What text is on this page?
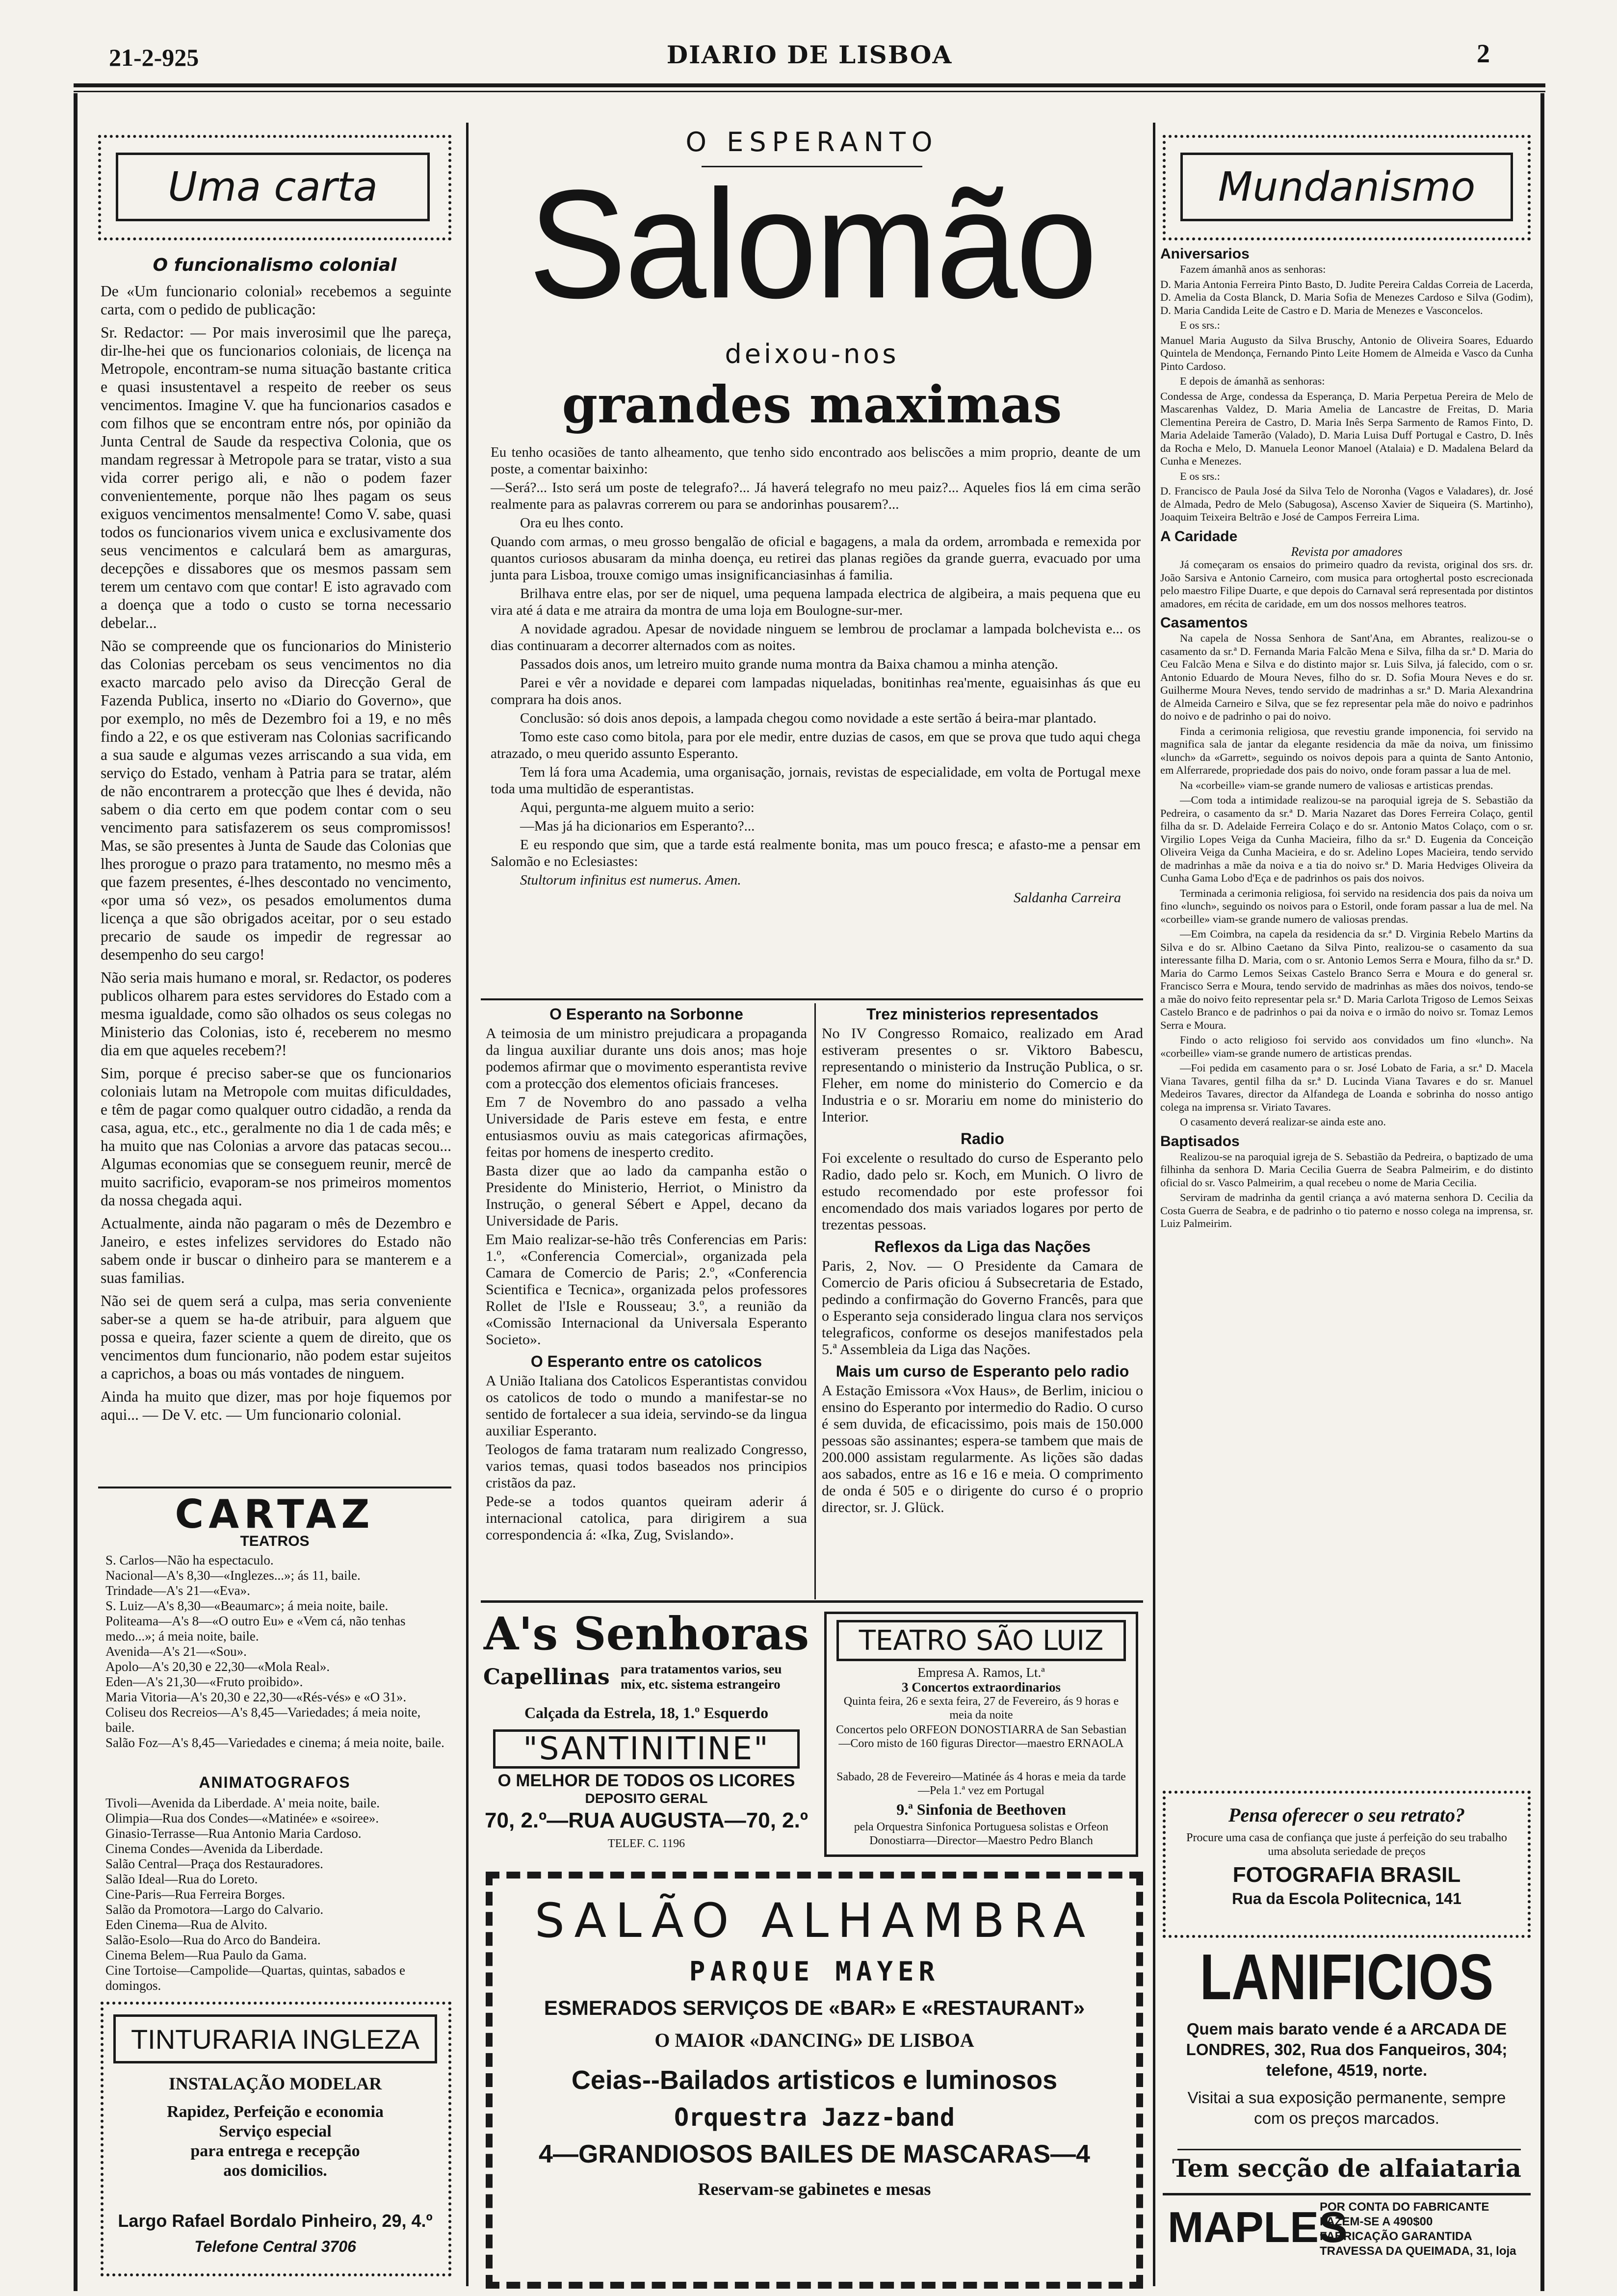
21-2-925	DIARIO DE LISBOA	2
Uma carta
O funcionalismo colonial

De «Um funcionario colonial» recebemos a seguinte carta, com o pedido de publicação:

Sr. Redactor: — Por mais inverosimil que lhe pareça, dir-lhe-hei que os funcionarios coloniais, de licença na Metropole, encontram-se numa situação bastante critica e quasi insustentavel a respeito de reeber os seus vencimentos. Imagine V. que ha funcionarios casados e com filhos que se encontram entre nós, por opinião da Junta Central de Saude da respectiva Colonia, que os mandam regressar à Metropole para se tratar, visto a sua vida correr perigo ali, e não o podem fazer convenientemente, porque não lhes pagam os seus exiguos vencimentos mensalmente! Como V. sabe, quasi todos os funcionarios vivem unica e exclusivamente dos seus vencimentos e calculará bem as amarguras, decepções e dissabores que os mesmos passam sem terem um centavo com que contar! E isto agravado com a doença que a todo o custo se torna necessario debelar...

Não se compreende que os funcionarios do Ministerio das Colonias percebam os seus vencimentos no dia exacto marcado pelo aviso da Direcção Geral de Fazenda Publica, inserto no «Diario do Governo», que por exemplo, no mês de Dezembro foi a 19, e no mês findo a 22, e os que estiveram nas Colonias sacrificando a sua saude e algumas vezes arriscando a sua vida, em serviço do Estado, venham à Patria para se tratar, além de não encontrarem a protecção que lhes é devida, não sabem o dia certo em que podem contar com o seu vencimento para satisfazerem os seus compromissos! Mas, se são presentes à Junta de Saude das Colonias que lhes prorogue o prazo para tratamento, no mesmo mês a que fazem presentes, é-lhes descontado no vencimento, «por uma só vez», os pesados emolumentos duma licença a que são obrigados aceitar, por o seu estado precario de saude os impedir de regressar ao desempenho do seu cargo!

Não seria mais humano e moral, sr. Redactor, os poderes publicos olharem para estes servidores do Estado com a mesma igualdade, como são olhados os seus colegas no Ministerio das Colonias, isto é, receberem no mesmo dia em que aqueles recebem?!

Sim, porque é preciso saber-se que os funcionarios coloniais lutam na Metropole com muitas dificuldades, e têm de pagar como qualquer outro cidadão, a renda da casa, agua, etc., etc., geralmente no dia 1 de cada mês; e ha muito que nas Colonias a arvore das patacas secou... Algumas economias que se conseguem reunir, mercê de muito sacrificio, evaporam-se nos primeiros momentos da nossa chegada aqui.

Actualmente, ainda não pagaram o mês de Dezembro e Janeiro, e estes infelizes servidores do Estado não sabem onde ir buscar o dinheiro para se manterem e a suas familias.

Não sei de quem será a culpa, mas seria conveniente saber-se a quem se ha-de atribuir, para alguem que possa e queira, fazer sciente a quem de direito, que os vencimentos dum funcionario, não podem estar sujeitos a caprichos, a boas ou más vontades de ninguem.

Ainda ha muito que dizer, mas por hoje fiquemos por aqui... — De V. etc. — Um funcionario colonial.

CARTAZ
TEATROS
S. Carlos—Não ha espectaculo.
Nacional—A's 8,30—«Inglezes...»; ás 11, baile.
Trindade—A's 21—«Eva».
S. Luiz—A's 8,30—«Beaumarc»; á meia noite, baile.
Politeama—A's 8—«O outro Eu» e «Vem cá, não tenhas medo...»; á meia noite, baile.
Avenida—A's 21—«Sou».
Apolo—A's 20,30 e 22,30—«Mola Real».
Eden—A's 21,30—«Fruto proibido».
Maria Vitoria—A's 20,30 e 22,30—«Rés-vés» e «O 31».
Coliseu dos Recreios—A's 8,45—Variedades; á meia noite, baile.
Salão Foz—A's 8,45—Variedades e cinema; á meia noite, baile.
ANIMATOGRAFOS
Tivoli—Avenida da Liberdade. A' meia noite, baile.
Olimpia—Rua dos Condes—«Matinée» e «soiree».
Ginasio-Terrasse—Rua Antonio Maria Cardoso.
Cinema Condes—Avenida da Liberdade.
Salão Central—Praça dos Restauradores.
Salão Ideal—Rua do Loreto.
Cine-Paris—Rua Ferreira Borges.
Salão da Promotora—Largo do Calvario.
Eden Cinema—Rua de Alvito.
Salão-Esolo—Rua do Arco do Bandeira.
Cinema Belem—Rua Paulo da Gama.
Cine Tortoise—Campolide—Quartas, quintas, sabados e domingos.
TINTURARIA INGLEZA
INSTALAÇÃO MODELAR
Rapidez, Perfeição e economia
Serviço especial
para entrega e recepção
aos domicilios.
Largo Rafael Bordalo Pinheiro, 29, 4.º
Telefone Central 3706
O ESPERANTO
Salomão
deixou-nos
grandes maximas

Eu tenho ocasiões de tanto alheamento, que tenho sido encontrado aos beliscões a mim proprio, deante de um poste, a comentar baixinho:

—Será?... Isto será um poste de telegrafo?... Já haverá telegrafo no meu paiz?... Aqueles fios lá em cima serão realmente para as palavras correrem ou para se andorinhas pousarem?...

Ora eu lhes conto.

Quando com armas, o meu grosso bengalão de oficial e bagagens, a mala da ordem, arrombada e remexida por quantos curiosos abusaram da minha doença, eu retirei das planas regiões da grande guerra, evacuado por uma junta para Lisboa, trouxe comigo umas insignificanciasinhas á familia.

Brilhava entre elas, por ser de niquel, uma pequena lampada electrica de algibeira, a mais pequena que eu vira até á data e me atraira da montra de uma loja em Boulogne-sur-mer.

A novidade agradou. Apesar de novidade ninguem se lembrou de proclamar a lampada bolchevista e... os dias continuaram a decorrer alternados com as noites.

Passados dois anos, um letreiro muito grande numa montra da Baixa chamou a minha atenção.

Parei e vêr a novidade e deparei com lampadas niqueladas, bonitinhas rea'mente, eguaisinhas ás que eu comprara ha dois anos.

Conclusão: só dois anos depois, a lampada chegou como novidade a este sertão á beira-mar plantado.

Tomo este caso como bitola, para por ele medir, entre duzias de casos, em que se prova que tudo aqui chega atrazado, o meu querido assunto Esperanto.

Tem lá fora uma Academia, uma organisação, jornais, revistas de especialidade, em volta de Portugal mexe toda uma multidão de esperantistas.

Aqui, pergunta-me alguem muito a serio:

—Mas já ha dicionarios em Esperanto?...

E eu respondo que sim, que a tarde está realmente bonita, mas um pouco fresca; e afasto-me a pensar em Salomão e no Eclesiastes:

Stultorum infinitus est numerus. Amen.

Saldanha Carreira

O Esperanto na Sorbonne

A teimosia de um ministro prejudicara a propaganda da lingua auxiliar durante uns dois anos; mas hoje podemos afirmar que o movimento esperantista revive com a protecção dos elementos oficiais franceses.

Em 7 de Novembro do ano passado a velha Universidade de Paris esteve em festa, e entre entusiasmos ouviu as mais categoricas afirmações, feitas por homens de inesperto credito.

Basta dizer que ao lado da campanha estão o Presidente do Ministerio, Herriot, o Ministro da Instrução, o general Sébert e Appel, decano da Universidade de Paris.

Em Maio realizar-se-hão três Conferencias em Paris: 1.º, «Conferencia Comercial», organizada pela Camara de Comercio de Paris; 2.º, «Conferencia Scientifica e Tecnica», organizada pelos professores Rollet de l'Isle e Rousseau; 3.º, a reunião da «Comissão Internacional da Universala Esperanto Societo».

O Esperanto entre os catolicos

A União Italiana dos Catolicos Esperantistas convidou os catolicos de todo o mundo a manifestar-se no sentido de fortalecer a sua ideia, servindo-se da lingua auxiliar Esperanto.

Teologos de fama trataram num realizado Congresso, varios temas, quasi todos baseados nos principios cristãos da paz.

Pede-se a todos quantos queiram aderir á internacional catolica, para dirigirem a sua correspondencia á: «Ika, Zug, Svislando».

Trez ministerios representados

No IV Congresso Romaico, realizado em Arad estiveram presentes o sr. Viktoro Babescu, representando o ministerio da Instrução Publica, o sr. Fleher, em nome do ministerio do Comercio e da Industria e o sr. Morariu em nome do ministerio do Interior.

Radio

Foi excelente o resultado do curso de Esperanto pelo Radio, dado pelo sr. Koch, em Munich. O livro de estudo recomendado por este professor foi encomendado dos mais variados logares por perto de trezentas pessoas.

Reflexos da Liga das Nações

Paris, 2, Nov. — O Presidente da Camara de Comercio de Paris oficiou á Subsecretaria de Estado, pedindo a confirmação do Governo Francês, para que o Esperanto seja considerado lingua clara nos serviços telegraficos, conforme os desejos manifestados pela 5.ª Assembleia da Liga das Nações.

Mais um curso de Esperanto pelo radio

A Estação Emissora «Vox Haus», de Berlim, iniciou o ensino do Esperanto por intermedio do Radio. O curso é sem duvida, de eficacissimo, pois mais de 150.000 pessoas são assinantes; espera-se tambem que mais de 200.000 assistam regularmente. As lições são dadas aos sabados, entre as 16 e 16 e meia. O comprimento de onda é 505 e o dirigente do curso é o proprio director, sr. J. Glück.

A's Senhoras
Capellinas para tratamentos varios, seu mix, etc. sistema estrangeiro
Calçada da Estrela, 18, 1.º Esquerdo
"SANTINITINE"
O MELHOR DE TODOS OS LICORES
DEPOSITO GERAL
70, 2.º—RUA AUGUSTA—70, 2.º
TELEF. C. 1196
TEATRO SÃO LUIZ
Empresa A. Ramos, Lt.ª
3 Concertos extraordinarios
Quinta feira, 26 e sexta feira, 27 de Fevereiro, ás 9 horas e meia da noite
Concertos pelo ORFEON DONOSTIARRA de San Sebastian—Coro misto de 160 figuras Director—maestro ERNAOLA
Sabado, 28 de Fevereiro—Matinée ás 4 horas e meia da tarde—Pela 1.ª vez em Portugal
9.ª Sinfonia de Beethoven
pela Orquestra Sinfonica Portuguesa solistas e Orfeon Donostiarra—Director—Maestro Pedro Blanch
SALÃO ALHAMBRA
PARQUE MAYER
ESMERADOS SERVIÇOS DE «BAR» E «RESTAURANT»
O MAIOR «DANCING» DE LISBOA
Ceias--Bailados artisticos e luminosos
Orquestra Jazz-band
4—GRANDIOSOS BAILES DE MASCARAS—4
Reservam-se gabinetes e mesas
Mundanismo
Aniversarios

Fazem ámanhã anos as senhoras:

D. Maria Antonia Ferreira Pinto Basto, D. Judite Pereira Caldas Correia de Lacerda, D. Amelia da Costa Blanck, D. Maria Sofia de Menezes Cardoso e Silva (Godim), D. Maria Candida Leite de Castro e D. Maria de Menezes e Vasconcelos.

E os srs.:

Manuel Maria Augusto da Silva Bruschy, Antonio de Oliveira Soares, Eduardo Quintela de Mendonça, Fernando Pinto Leite Homem de Almeida e Vasco da Cunha Pinto Cardoso.

E depois de ámanhã as senhoras:

Condessa de Arge, condessa da Esperança, D. Maria Perpetua Pereira de Melo de Mascarenhas Valdez, D. Maria Amelia de Lancastre de Freitas, D. Maria Clementina Pereira de Castro, D. Maria Inês Serpa Sarmento de Ramos Finto, D. Maria Adelaide Tamerão (Valado), D. Maria Luisa Duff Portugal e Castro, D. Inês da Rocha e Melo, D. Manuela Leonor Manoel (Atalaia) e D. Madalena Belard da Cunha e Menezes.

E os srs.:

D. Francisco de Paula José da Silva Telo de Noronha (Vagos e Valadares), dr. José de Almada, Pedro de Melo (Sabugosa), Ascenso Xavier de Siqueira (S. Martinho), Joaquim Teixeira Beltrão e José de Campos Ferreira Lima.

A Caridade
Revista por amadores

Já começaram os ensaios do primeiro quadro da revista, original dos srs. dr. João Sarsiva e Antonio Carneiro, com musica para ortoghertal posto escrecionada pelo maestro Filipe Duarte, e que depois do Carnaval será representada por distintos amadores, em récita de caridade, em um dos nossos melhores teatros.

Casamentos

Na capela de Nossa Senhora de Sant'Ana, em Abrantes, realizou-se o casamento da sr.ª D. Fernanda Maria Falcão Mena e Silva, filha da sr.ª D. Maria do Ceu Falcão Mena e Silva e do distinto major sr. Luis Silva, já falecido, com o sr. Antonio Eduardo de Moura Neves, filho do sr. D. Sofia Moura Neves e do sr. Guilherme Moura Neves, tendo servido de madrinhas a sr.ª D. Maria Alexandrina de Almeida Carneiro e Silva, que se fez representar pela mãe do noivo e padrinhos do noivo e de padrinho o pai do noivo.

Finda a cerimonia religiosa, que revestiu grande imponencia, foi servido na magnifica sala de jantar da elegante residencia da mãe da noiva, um finissimo «lunch» da «Garrett», seguindo os noivos depois para a quinta de Santo Antonio, em Alferrarede, propriedade dos pais do noivo, onde foram passar a lua de mel.

Na «corbeille» viam-se grande numero de valiosas e artisticas prendas.

—Com toda a intimidade realizou-se na paroquial igreja de S. Sebastião da Pedreira, o casamento da sr.ª D. Maria Nazaret das Dores Ferreira Colaço, gentil filha da sr. D. Adelaide Ferreira Colaço e do sr. Antonio Matos Colaço, com o sr. Virgilio Lopes Veiga da Cunha Macieira, filho da sr.ª D. Eugenia da Conceição Oliveira Veiga da Cunha Macieira, e do sr. Adelino Lopes Macieira, tendo servido de madrinhas a mãe da noiva e a tia do noivo sr.ª D. Maria Hedviges Oliveira da Cunha Gama Lobo d'Eça e de padrinhos os pais dos noivos.

Terminada a cerimonia religiosa, foi servido na residencia dos pais da noiva um fino «lunch», seguindo os noivos para o Estoril, onde foram passar a lua de mel. Na «corbeille» viam-se grande numero de valiosas prendas.

—Em Coimbra, na capela da residencia da sr.ª D. Virginia Rebelo Martins da Silva e do sr. Albino Caetano da Silva Pinto, realizou-se o casamento da sua interessante filha D. Maria, com o sr. Antonio Lemos Serra e Moura, filho da sr.ª D. Maria do Carmo Lemos Seixas Castelo Branco Serra e Moura e do general sr. Francisco Serra e Moura, tendo servido de madrinhas as mães dos noivos, tendo-se a mãe do noivo feito representar pela sr.ª D. Maria Carlota Trigoso de Lemos Seixas Castelo Branco e de padrinhos o pai da noiva e o irmão do noivo sr. Tomaz Lemos Serra e Moura.

Findo o acto religioso foi servido aos convidados um fino «lunch». Na «corbeille» viam-se grande numero de artisticas prendas.

—Foi pedida em casamento para o sr. José Lobato de Faria, a sr.ª D. Macela Viana Tavares, gentil filha da sr.ª D. Lucinda Viana Tavares e do sr. Manuel Medeiros Tavares, director da Alfandega de Loanda e sobrinha do nosso antigo colega na imprensa sr. Viriato Tavares.

O casamento deverá realizar-se ainda este ano.

Baptisados

Realizou-se na paroquial igreja de S. Sebastião da Pedreira, o baptizado de uma filhinha da senhora D. Maria Cecilia Guerra de Seabra Palmeirim, e do distinto oficial do sr. Vasco Palmeirim, a qual recebeu o nome de Maria Cecilia.

Serviram de madrinha da gentil criança a avó materna senhora D. Cecilia da Costa Guerra de Seabra, e de padrinho o tio paterno e nosso colega na imprensa, sr. Luiz Palmeirim.

Pensa oferecer o seu retrato?
Procure uma casa de confiança que juste á perfeição do seu trabalho uma absoluta seriedade de preços
FOTOGRAFIA BRASIL
Rua da Escola Politecnica, 141
LANIFICIOS
Quem mais barato vende é a ARCADA DE LONDRES, 302, Rua dos Fanqueiros, 304; telefone, 4519, norte.
Visitai a sua exposição permanente, sempre com os preços marcados.
Tem secção de alfaiataria
MAPLES
POR CONTA DO FABRICANTE
FAZEM-SE A 490$00
FABRICAÇÃO GARANTIDA
TRAVESSA DA QUEIMADA, 31, loja
